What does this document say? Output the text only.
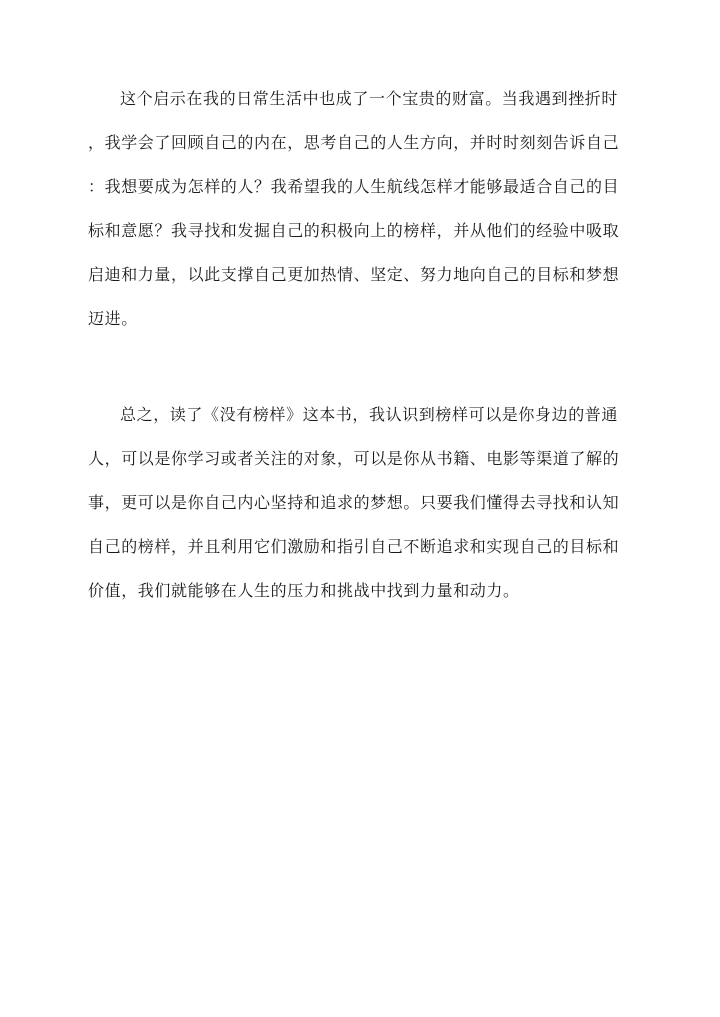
这个启示在我的日常生活中也成了一个宝贵的财富。当我遇到挫折时
，我学会了回顾自己的内在，思考自己的人生方向，并时时刻刻告诉自己
：我想要成为怎样的人？我希望我的人生航线怎样才能够最适合自己的目
标和意愿？我寻找和发掘自己的积极向上的榜样，并从他们的经验中吸取
启迪和力量，以此支撑自己更加热情、坚定、努力地向自己的目标和梦想
迈进。
总之，读了《没有榜样》这本书，我认识到榜样可以是你身边的普通
人，可以是你学习或者关注的对象，可以是你从书籍、电影等渠道了解的
事，更可以是你自己内心坚持和追求的梦想。只要我们懂得去寻找和认知
自己的榜样，并且利用它们激励和指引自己不断追求和实现自己的目标和
价值，我们就能够在人生的压力和挑战中找到力量和动力。
